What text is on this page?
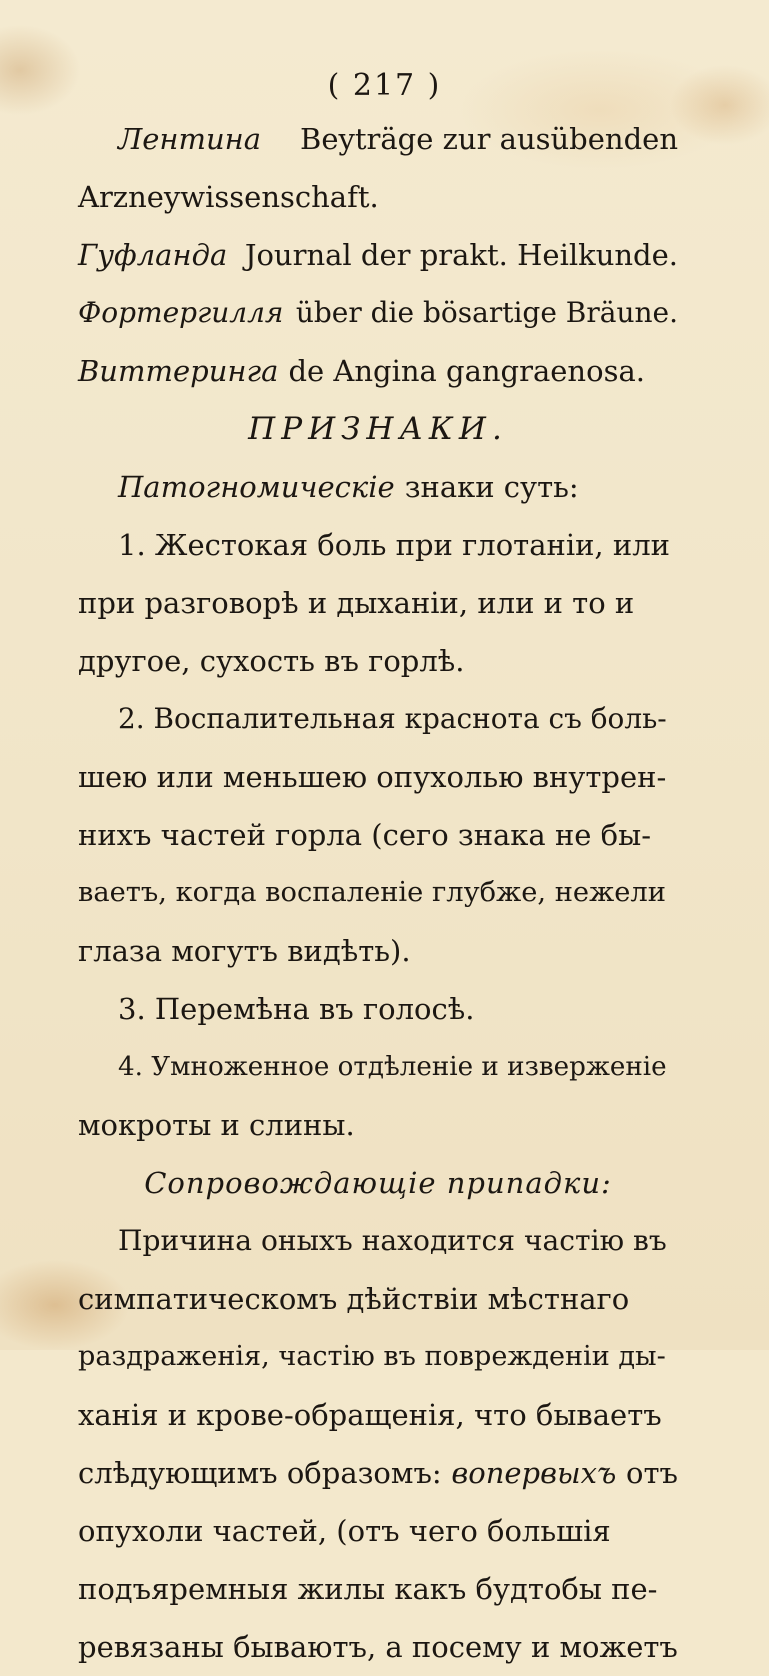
( 217 )
Лентина Beyträge zur ausübenden
Arzneywissenschaft.
Гуфланда Journal der prakt. Heilkunde.
Фортергилля über die bösartige Bräune.
Виттеринга de Angina gangraenosa.
ПРИЗНАКИ.
Патогномическіе знаки суть:
1. Жестокая боль при глотаніи, или
при разговорѣ и дыханіи, или и то и
другое, сухость въ горлѣ.
2. Воспалительная краснота съ боль-
шею или меньшею опухолью внутрен-
нихъ частей горла (сего знака не бы-
ваетъ, когда воспаленіе глубже, нежели
глаза могутъ видѣть).
3. Перемѣна въ голосѣ.
4. Умноженное отдѣленіе и изверженіе
мокроты и слины.
Сопровождающіе припадки:
Причина оныхъ находится частію въ
симпатическомъ дѣйствіи мѣстнаго
раздраженія, частію въ поврежденіи ды-
ханія и крове-обращенія, что бываетъ
слѣдующимъ образомъ: вопервыхъ отъ
опухоли частей, (отъ чего большія
подъяремныя жилы какъ будтобы пе-
ревязаны бываютъ, а посему и можетъ
